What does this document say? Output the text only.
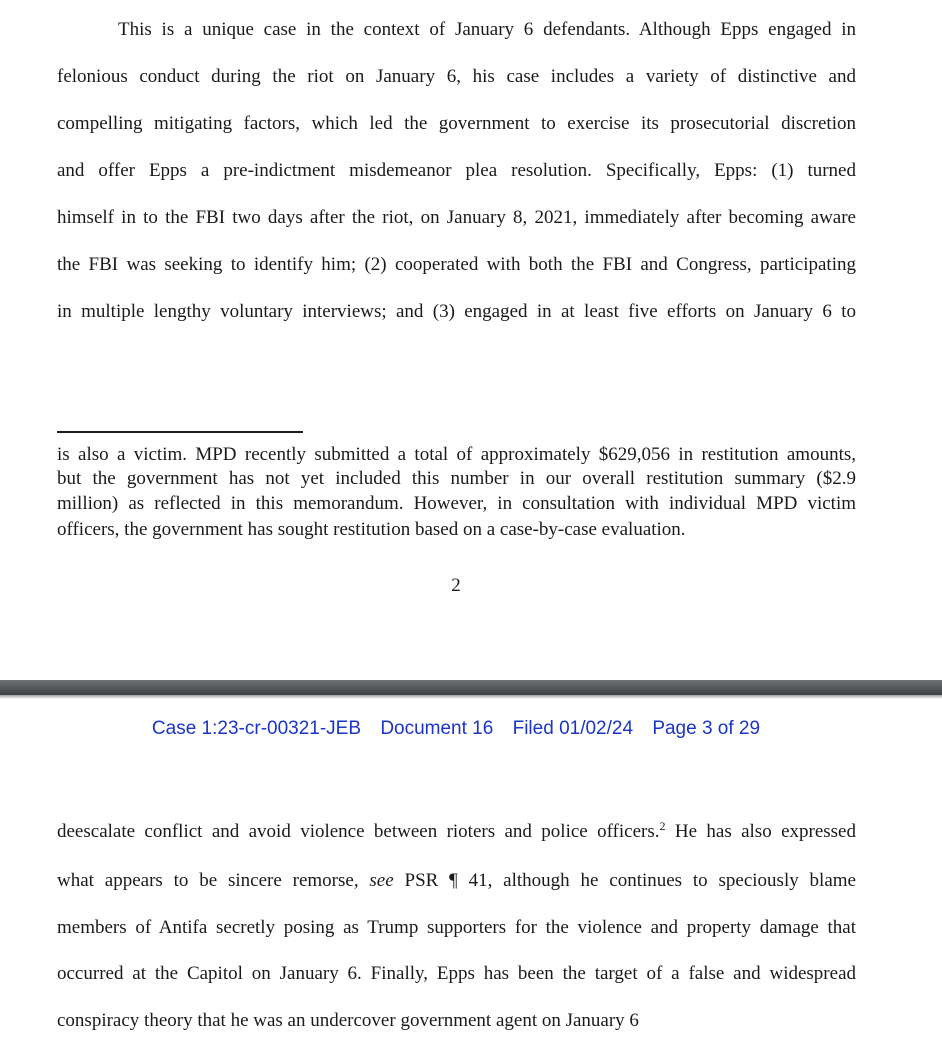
This is a unique case in the context of January 6 defendants. Although Epps engaged in
felonious conduct during the riot on January 6, his case includes a variety of distinctive and
compelling mitigating factors, which led the government to exercise its prosecutorial discretion
and offer Epps a pre-indictment misdemeanor plea resolution. Specifically, Epps: (1) turned
himself in to the FBI two days after the riot, on January 8, 2021, immediately after becoming aware
the FBI was seeking to identify him; (2) cooperated with both the FBI and Congress, participating
in multiple lengthy voluntary interviews; and (3) engaged in at least five efforts on January 6 to
is also a victim. MPD recently submitted a total of approximately $629,056 in restitution amounts,
but the government has not yet included this number in our overall restitution summary ($2.9
million) as reflected in this memorandum. However, in consultation with individual MPD victim
officers, the government has sought restitution based on a case-by-case evaluation.
2
Case 1:23-cr-00321-JEB Document 16 Filed 01/02/24 Page 3 of 29
deescalate conflict and avoid violence between rioters and police officers.$^2$ He has also expressed
what appears to be sincere remorse, see PSR ¶ 41, although he continues to speciously blame
members of Antifa secretly posing as Trump supporters for the violence and property damage that
occurred at the Capitol on January 6. Finally, Epps has been the target of a false and widespread
conspiracy theory that he was an undercover government agent on January 6
